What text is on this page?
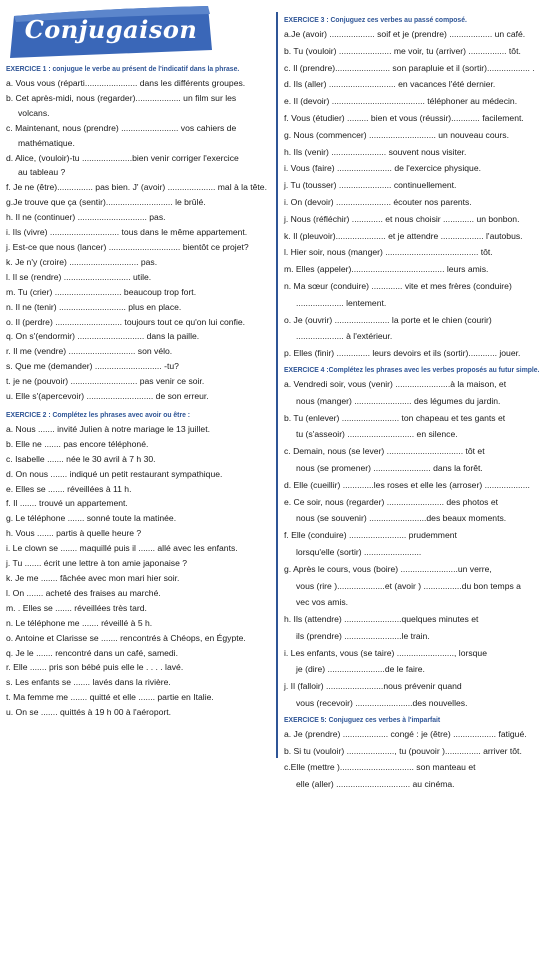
Conjugaison
EXERCICE 1 : conjugue le verbe au présent de l'indicatif dans la phrase.
a. Vous vous (réparti...................... dans les différents groupes.
b. Cet après-midi, nous (regarder)................... un film sur les
volcans.
c. Maintenant, nous (prendre) ........................ vos cahiers de
mathématique.
d. Alice, (vouloir)-tu .....................bien venir corriger l'exercice
au tableau ?
f. Je ne (être)............... pas bien. J' (avoir) .................... mal à la tête.
g.Je trouve que ça (sentir)............................ le brûlé.
h. Il ne (continuer) ............................. pas.
i. Ils (vivre) ............................. tous dans le même appartement.
j. Est-ce que nous (lancer) .............................. bientôt ce projet?
k. Je n'y (croire) ............................. pas.
l. Il se (rendre) ............................ utile.
m. Tu (crier) ............................ beaucoup trop fort.
n. Il ne (tenir) ............................ plus en place.
o. Il (perdre) ............................ toujours tout ce qu'on lui confie.
q. On s'(endormir) ............................ dans la paille.
r. Il me (vendre) ............................ son vélo.
s. Que me (demander) ............................ -tu?
t. je ne (pouvoir) ............................ pas venir ce soir.
u. Elle s'(apercevoir) ............................ de son erreur.
EXERCICE 2 : Complétez les phrases avec avoir ou être :
a. Nous ....... invité Julien à notre mariage le 13 juillet.
b. Elle ne ....... pas encore téléphoné.
c. Isabelle ....... née le 30 avril à 7 h 30.
d. On nous ....... indiqué un petit restaurant sympathique.
e. Elles se ....... réveillées à 11 h.
f. Il ....... trouvé un appartement.
g. Le téléphone ....... sonné toute la matinée.
h. Vous ....... partis à quelle heure ?
i. Le clown se ....... maquillé puis il ....... allé avec les enfants.
j. Tu ....... écrit une lettre à ton amie japonaise ?
k. Je me ....... fâchée avec mon mari hier soir.
l. On ....... acheté des fraises au marché.
m. . Elles se ....... réveillées très tard.
n. Le téléphone me ....... réveillé à 5 h.
o. Antoine et Clarisse se ....... rencontrés à Chéops, en Égypte.
q. Je le ....... rencontré dans un café, samedi.
r. Elle ....... pris son bébé puis elle le . . . . lavé.
s. Les enfants se ....... lavés dans la rivière.
t. Ma femme me ....... quitté et elle ....... partie en Italie.
u. On se ....... quittés à 19 h 00 à l'aéroport.
EXERCICE 3 : Conjuguez ces verbes au passé composé.
a.Je (avoir) ................... soif et je (prendre) .................. un café.
b. Tu (vouloir) ...................... me voir, tu (arriver) ................ tôt.
c. Il (prendre)....................... son parapluie et il (sortir).................. .
d. Ils (aller) ............................ en vacances l'été dernier.
e. Il (devoir) ....................................... téléphoner au médecin.
f. Vous (étudier) ......... bien et vous (réussir)............ facilement.
g. Nous (commencer) ............................ un nouveau cours.
h. Ils (venir) ....................... souvent nous visiter.
i. Vous (faire) ....................... de l'exercice physique.
j. Tu (tousser) ...................... continuellement.
i. On (devoir) ....................... écouter nos parents.
j. Nous (réfléchir) ............. et nous choisir ............. un bonbon.
k. Il (pleuvoir)..................... et je attendre .................. l'autobus.
l. Hier soir, nous (manger) ....................................... tôt.
m. Elles (appeler)....................................... leurs amis.
n. Ma sœur (conduire) ............. vite et mes frères (conduire)
.................... lentement.
o. Je (ouvrir) ....................... la porte et le chien (courir)
.................... à l'extérieur.
p. Elles (finir) .............. leurs devoirs et ils (sortir)............ jouer.
EXERCICE 4 :Complétez les phrases avec les verbes proposés au futur simple.
a. Vendredi soir, vous (venir) .......................à la maison, et
nous (manger) ........................ des légumes du jardin.
b. Tu (enlever) ........................ ton chapeau et tes gants et
tu (s'asseoir) ............................ en silence.
c. Demain, nous (se lever) ................................ tôt et
nous (se promener) ........................ dans la forêt.
d. Elle (cueillir) .............les roses et elle les (arroser) ...................
e. Ce soir, nous (regarder) ........................ des photos et
nous (se souvenir) ........................des beaux moments.
f. Elle (conduire) ........................ prudemment
lorsqu'elle (sortir) ........................
g. Après le cours, vous (boire) ........................un verre,
vous (rire )....................et (avoir ) ................du bon temps a
vec vos amis.
h. Ils (attendre) ........................quelques minutes et
ils (prendre) ........................le train.
i. Les enfants, vous (se taire) ........................, lorsque
je (dire) ........................de le faire.
j. Il (falloir) ........................nous prévenir quand
vous (recevoir) ........................des nouvelles.
EXERCICE 5: Conjuguez ces verbes à l'imparfait
a. Je (prendre) ................... congé : je (être) .................. fatigué.
b. Si tu (vouloir) ...................., tu (pouvoir )............... arriver tôt.
c.Elle (mettre )............................... son manteau et
elle (aller) ............................... au cinéma.
